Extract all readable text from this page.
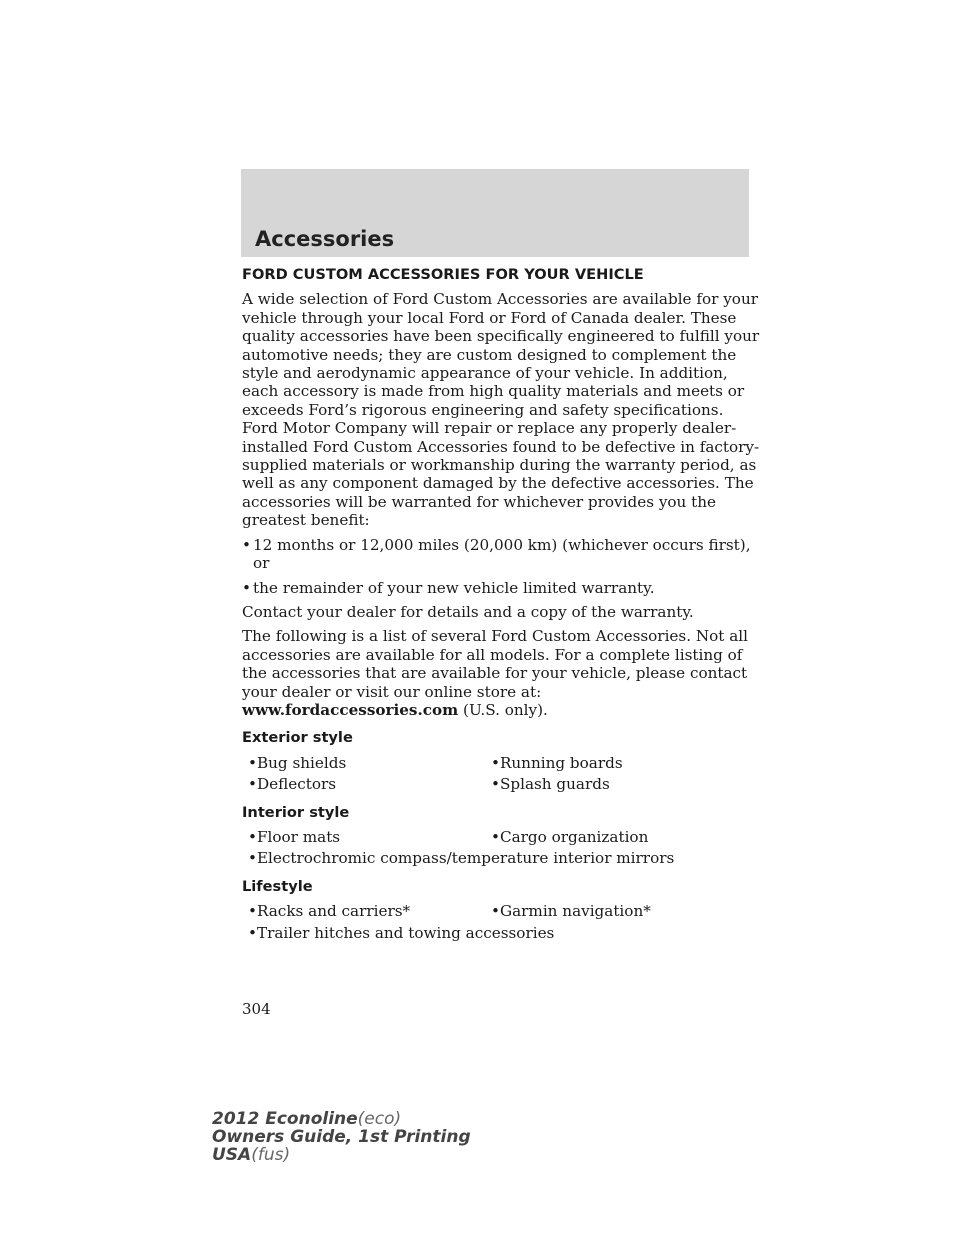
Accessories
FORD CUSTOM ACCESSORIES FOR YOUR VEHICLE

A wide selection of Ford Custom Accessories are available for your vehicle through your local Ford or Ford of Canada dealer. These quality accessories have been specifically engineered to fulfill your automotive needs; they are custom designed to complement the style and aerodynamic appearance of your vehicle. In addition, each accessory is made from high quality materials and meets or exceeds Ford’s rigorous engineering and safety specifications. Ford Motor Company will repair or replace any properly dealer-installed Ford Custom Accessories found to be defective in factory-supplied materials or workmanship during the warranty period, as well as any component damaged by the defective accessories. The accessories will be warranted for whichever provides you the greatest benefit:

• 12 months or 12,000 miles (20,000 km) (whichever occurs first), or
• the remainder of your new vehicle limited warranty.

Contact your dealer for details and a copy of the warranty.

The following is a list of several Ford Custom Accessories. Not all accessories are available for all models. For a complete listing of the accessories that are available for your vehicle, please contact your dealer or visit our online store at: www.fordaccessories.com (U.S. only).

Exterior style
•Bug shields	•Running boards
•Deflectors	•Splash guards
Interior style
•Floor mats	•Cargo organization
•Electrochromic compass/temperature interior mirrors
Lifestyle
•Racks and carriers*	•Garmin navigation*
•Trailer hitches and towing accessories
304
2012 Econoline(eco)
Owners Guide, 1st Printing
USA(fus)
